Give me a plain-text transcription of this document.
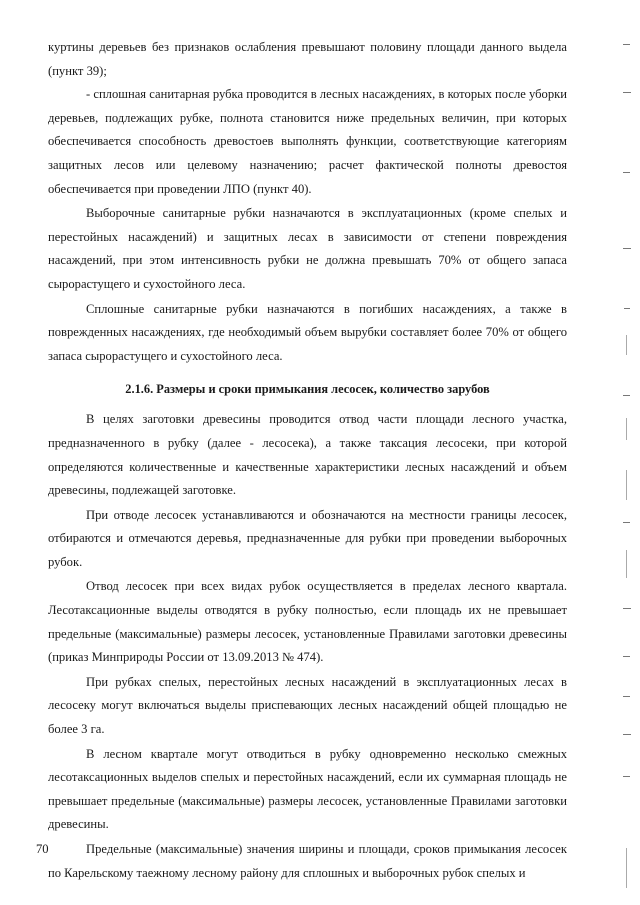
куртины деревьев без признаков ослабления превышают половину площади данного выдела (пункт 39);

- сплошная санитарная рубка проводится в лесных насаждениях, в которых после уборки деревьев, подлежащих рубке, полнота становится ниже предельных величин, при которых обеспечивается способность древостоев выполнять функции, соответствующие категориям защитных лесов или целевому назначению; расчет фактической полноты древостоя обеспечивается при проведении ЛПО (пункт 40).

Выборочные санитарные рубки назначаются в эксплуатационных (кроме спелых и перестойных насаждений) и защитных лесах в зависимости от степени повреждения насаждений, при этом интенсивность рубки не должна превышать 70% от общего запаса сырорастущего и сухостойного леса.

Сплошные санитарные рубки назначаются в погибших насаждениях, а также в поврежденных насаждениях, где необходимый объем вырубки составляет более 70% от общего запаса сырорастущего и сухостойного леса.

2.1.6. Размеры и сроки примыкания лесосек, количество зарубов

В целях заготовки древесины проводится отвод части площади лесного участка, предназначенного в рубку (далее - лесосека), а также таксация лесосеки, при которой определяются количественные и качественные характеристики лесных насаждений и объем древесины, подлежащей заготовке.

При отводе лесосек устанавливаются и обозначаются на местности границы лесосек, отбираются и отмечаются деревья, предназначенные для рубки при проведении выборочных рубок.

Отвод лесосек при всех видах рубок осуществляется в пределах лесного квартала. Лесотаксационные выделы отводятся в рубку полностью, если площадь их не превышает предельные (максимальные) размеры лесосек, установленные Правилами заготовки древесины (приказ Минприроды России от 13.09.2013 № 474).

При рубках спелых, перестойных лесных насаждений в эксплуатационных лесах в лесосеку могут включаться выделы приспевающих лесных насаждений общей площадью не более 3 га.

В лесном квартале могут отводиться в рубку одновременно несколько смежных лесотаксационных выделов спелых и перестойных насаждений, если их суммарная площадь не превышает предельные (максимальные) размеры лесосек, установленные Правилами заготовки древесины.

Предельные (максимальные) значения ширины и площади, сроков примыкания лесосек по Карельскому таежному лесному району для сплошных и выборочных рубок спелых и

70
